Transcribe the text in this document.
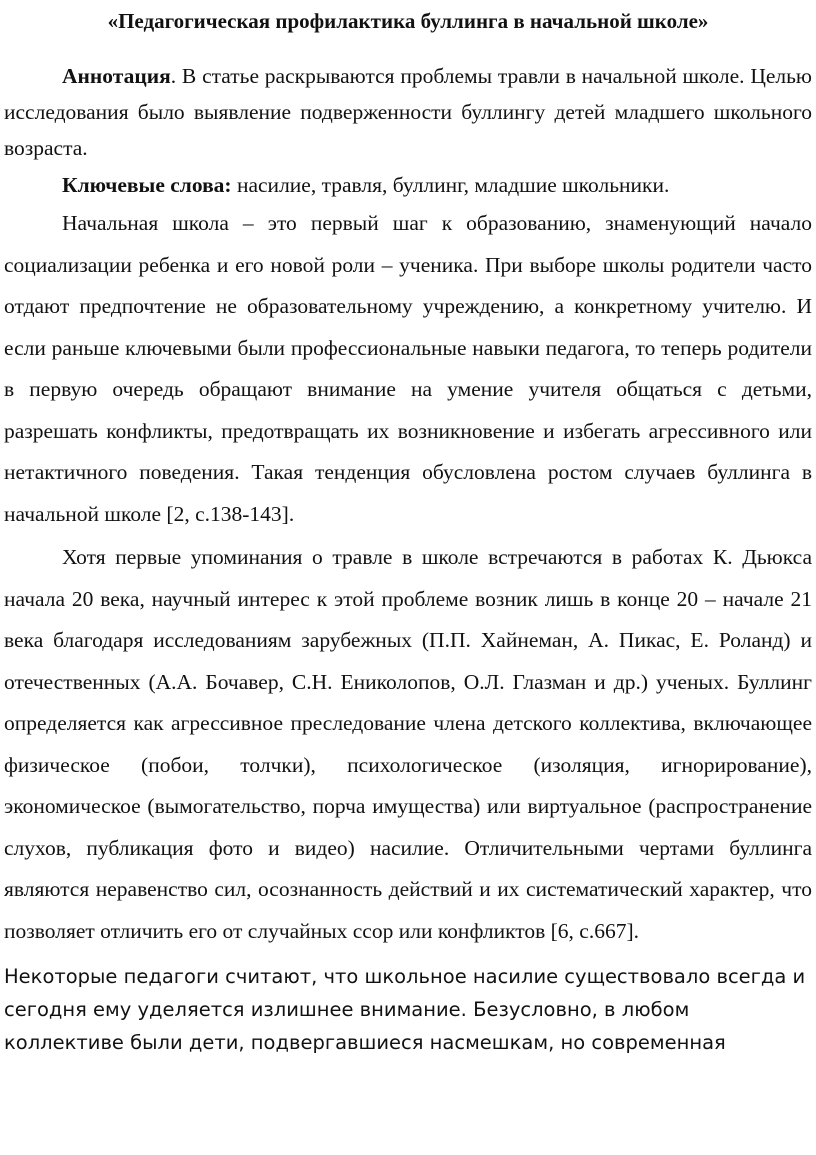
«Педагогическая профилактика буллинга в начальной школе»

Аннотация. В статье раскрываются проблемы травли в начальной школе. Целью исследования было выявление подверженности буллингу детей младшего школьного возраста.

Ключевые слова: насилие, травля, буллинг, младшие школьники.

Начальная школа – это первый шаг к образованию, знаменующий начало социализации ребенка и его новой роли – ученика. При выборе школы родители часто отдают предпочтение не образовательному учреждению, а конкретному учителю. И если раньше ключевыми были профессиональные навыки педагога, то теперь родители в первую очередь обращают внимание на умение учителя общаться с детьми, разрешать конфликты, предотвращать их возникновение и избегать агрессивного или нетактичного поведения. Такая тенденция обусловлена ростом случаев буллинга в начальной школе [2, с.138-143].

Хотя первые упоминания о травле в школе встречаются в работах К. Дьюкса начала 20 века, научный интерес к этой проблеме возник лишь в конце 20 – начале 21 века благодаря исследованиям зарубежных (П.П. Хайнеман, А. Пикас, Е. Роланд) и отечественных (А.А. Бочавер, С.Н. Ениколопов, О.Л. Глазман и др.) ученых. Буллинг определяется как агрессивное преследование члена детского коллектива, включающее физическое (побои, толчки), психологическое (изоляция, игнорирование), экономическое (вымогательство, порча имущества) или виртуальное (распространение слухов, публикация фото и видео) насилие. Отличительными чертами буллинга являются неравенство сил, осознанность действий и их систематический характер, что позволяет отличить его от случайных ссор или конфликтов [6, с.667].

Некоторые педагоги считают, что школьное насилие существовало всегда и сегодня ему уделяется излишнее внимание. Безусловно, в любом коллективе были дети, подвергавшиеся насмешкам, но современная
